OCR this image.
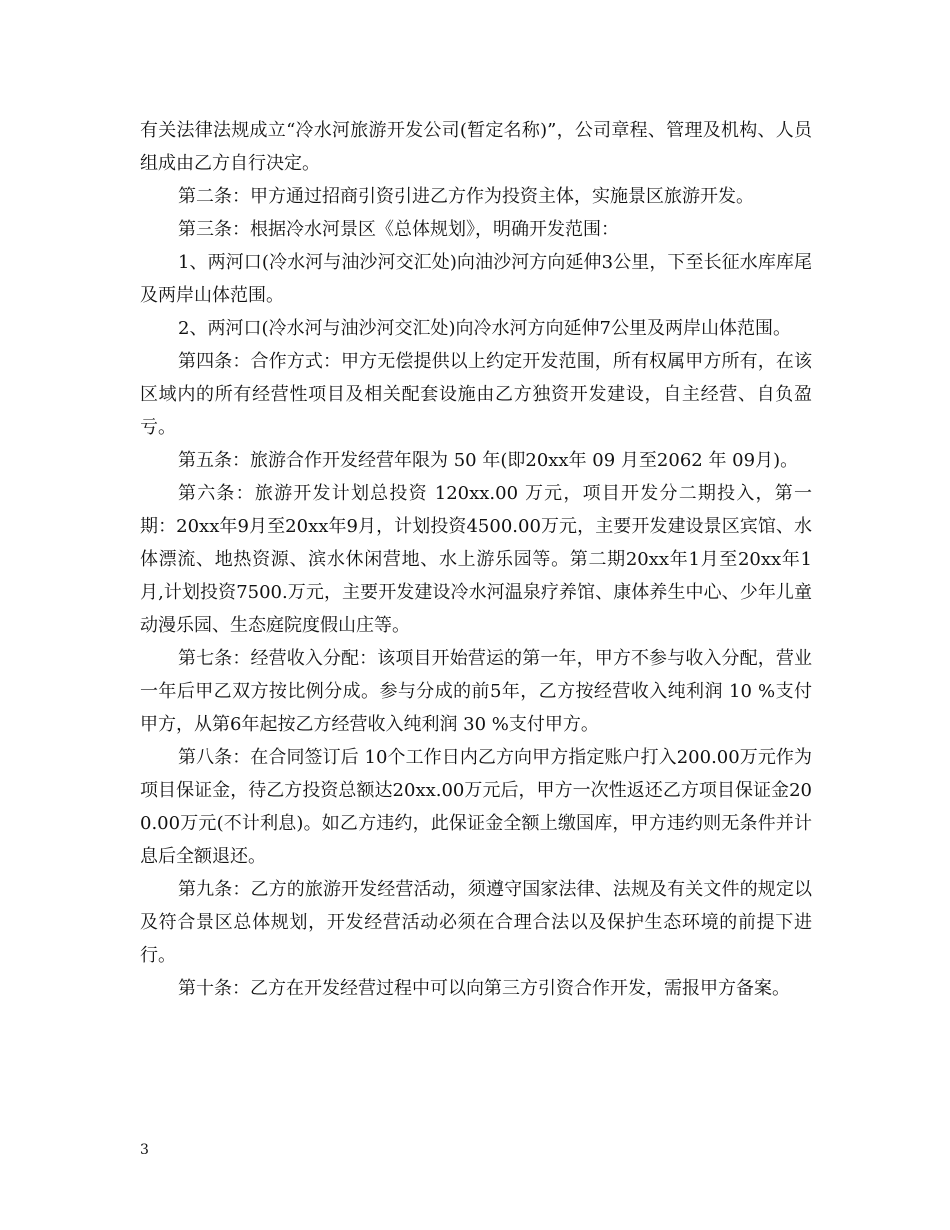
有关法律法规成立“冷水河旅游开发公司(暂定名称)”，公司章程、管理及机构、人员组成由乙方自行决定。

第二条：甲方通过招商引资引进乙方作为投资主体，实施景区旅游开发。

第三条：根据冷水河景区《总体规划》，明确开发范围：

1、两河口(冷水河与油沙河交汇处)向油沙河方向延伸3公里，下至长征水库库尾及两岸山体范围。

2、两河口(冷水河与油沙河交汇处)向冷水河方向延伸7公里及两岸山体范围。

第四条：合作方式：甲方无偿提供以上约定开发范围，所有权属甲方所有，在该区域内的所有经营性项目及相关配套设施由乙方独资开发建设，自主经营、自负盈亏。

第五条：旅游合作开发经营年限为 50 年(即20xx年 09 月至2062 年 09月)。

第六条：旅游开发计划总投资 120xx.00 万元，项目开发分二期投入，第一期：20xx年9月至20xx年9月，计划投资4500.00万元，主要开发建设景区宾馆、水体漂流、地热资源、滨水休闲营地、水上游乐园等。第二期20xx年1月至20xx年1月,计划投资7500.万元，主要开发建设冷水河温泉疗养馆、康体养生中心、少年儿童动漫乐园、生态庭院度假山庄等。

第七条：经营收入分配：该项目开始营运的第一年，甲方不参与收入分配，营业一年后甲乙双方按比例分成。参与分成的前5年，乙方按经营收入纯利润 10 %支付甲方，从第6年起按乙方经营收入纯利润 30 %支付甲方。

第八条：在合同签订后 10个工作日内乙方向甲方指定账户打入200.00万元作为项目保证金，待乙方投资总额达20xx.00万元后，甲方一次性返还乙方项目保证金200.00万元(不计利息)。如乙方违约，此保证金全额上缴国库，甲方违约则无条件并计息后全额退还。

第九条：乙方的旅游开发经营活动，须遵守国家法律、法规及有关文件的规定以及符合景区总体规划，开发经营活动必须在合理合法以及保护生态环境的前提下进行。

第十条：乙方在开发经营过程中可以向第三方引资合作开发，需报甲方备案。

3
